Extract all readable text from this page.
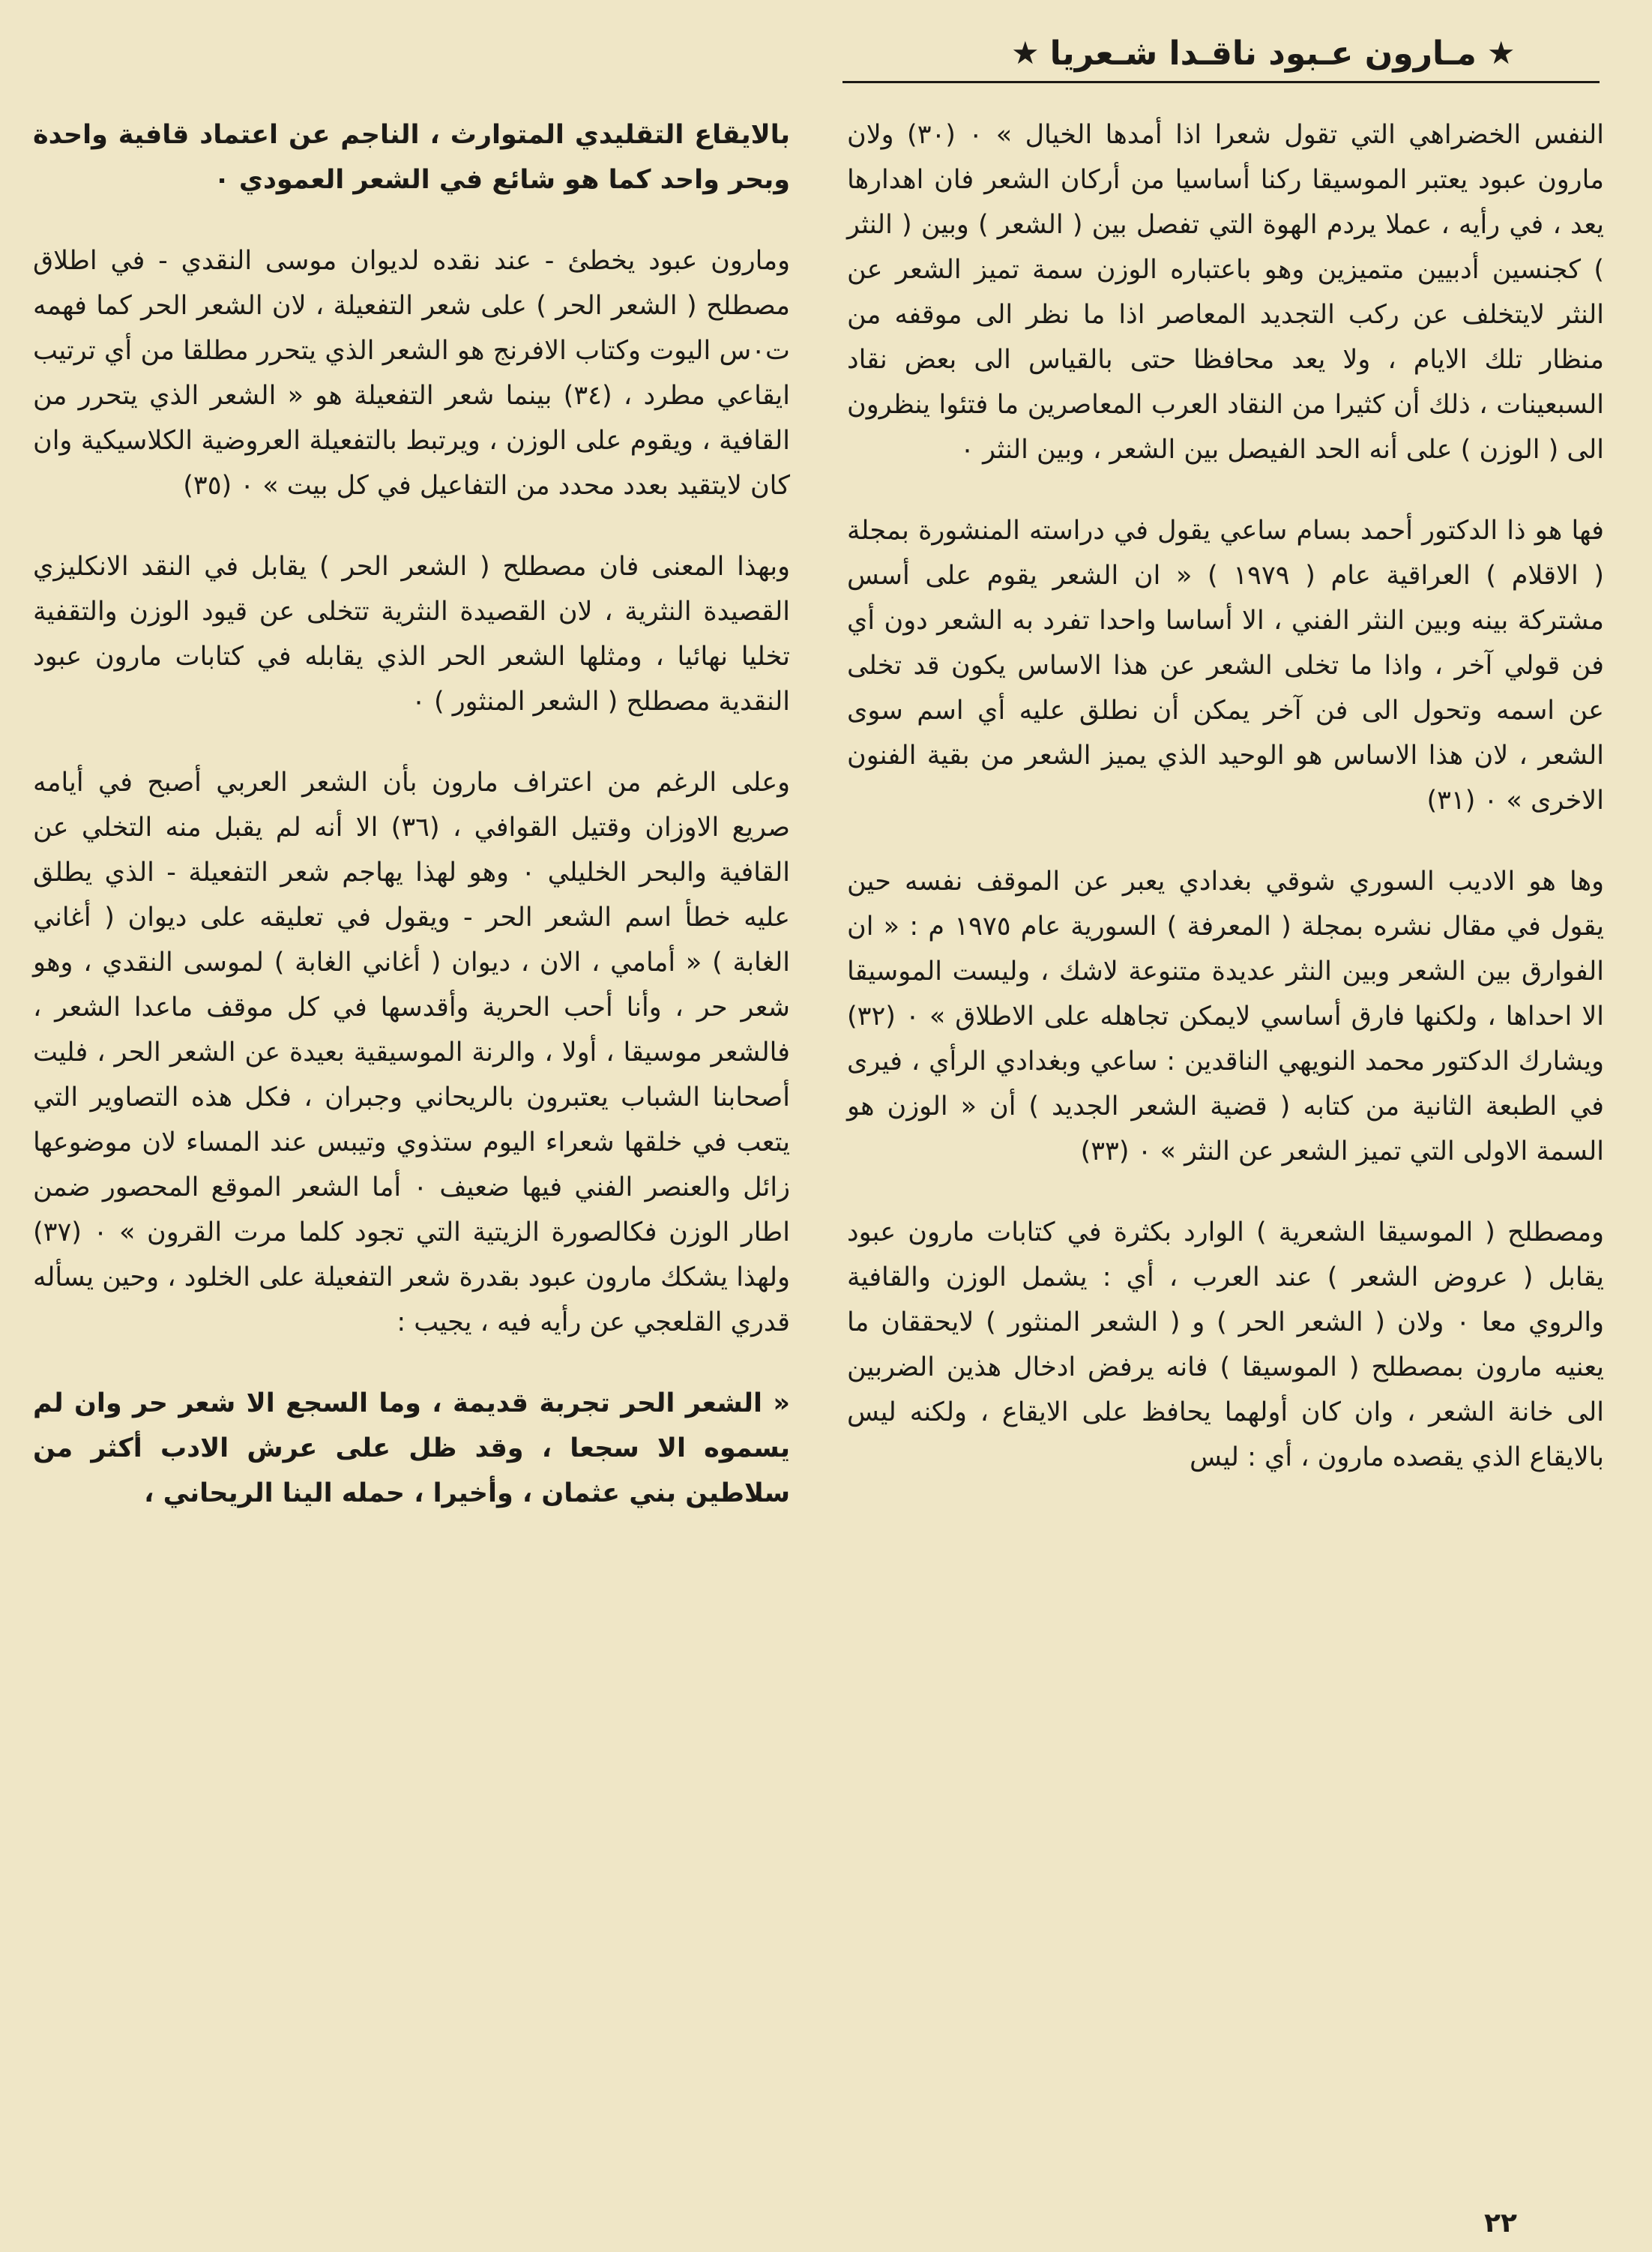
★ مـارون عـبود ناقـدا شـعريا ★

النفس الخضراهي التي تقول شعرا اذا أمدها الخيال » ٠ (٣٠) ولان مارون عبود يعتبر الموسيقا ركنا أساسيا من أركان الشعر فان اهدارها يعد ، في رأيه ، عملا يردم الهوة التي تفصل بين ( الشعر ) وبين ( النثر ) كجنسين أدبيين متميزين وهو باعتباره الوزن سمة تميز الشعر عن النثر لايتخلف عن ركب التجديد المعاصر اذا ما نظر الى موقفه من منظار تلك الايام ، ولا يعد محافظا حتى بالقياس الى بعض نقاد السبعينات ، ذلك أن كثيرا من النقاد العرب المعاصرين ما فتئوا ينظرون الى ( الوزن ) على أنه الحد الفيصل بين الشعر ، وبين النثر ٠

فها هو ذا الدكتور أحمد بسام ساعي يقول في دراسته المنشورة بمجلة ( الاقلام ) العراقية عام ( ١٩٧٩ ) « ان الشعر يقوم على أسس مشتركة بينه وبين النثر الفني ، الا أساسا واحدا تفرد به الشعر دون أي فن قولي آخر ، واذا ما تخلى الشعر عن هذا الاساس يكون قد تخلى عن اسمه وتحول الى فن آخر يمكن أن نطلق عليه أي اسم سوى الشعر ، لان هذا الاساس هو الوحيد الذي يميز الشعر من بقية الفنون الاخرى » ٠ (٣١)

وها هو الاديب السوري شوقي بغدادي يعبر عن الموقف نفسه حين يقول في مقال نشره بمجلة ( المعرفة ) السورية عام ١٩٧٥ م : « ان الفوارق بين الشعر وبين النثر عديدة متنوعة لاشك ، وليست الموسيقا الا احداها ، ولكنها فارق أساسي لايمكن تجاهله على الاطلاق » ٠ (٣٢) ويشارك الدكتور محمد النويهي الناقدين : ساعي وبغدادي الرأي ، فيرى في الطبعة الثانية من كتابه ( قضية الشعر الجديد ) أن « الوزن هو السمة الاولى التي تميز الشعر عن النثر » ٠ (٣٣)

ومصطلح ( الموسيقا الشعرية ) الوارد بكثرة في كتابات مارون عبود يقابل ( عروض الشعر ) عند العرب ، أي : يشمل الوزن والقافية والروي معا ٠ ولان ( الشعر الحر ) و ( الشعر المنثور ) لايحققان ما يعنيه مارون بمصطلح ( الموسيقا ) فانه يرفض ادخال هذين الضربين الى خانة الشعر ، وان كان أولهما يحافظ على الايقاع ، ولكنه ليس بالايقاع الذي يقصده مارون ، أي : ليس

بالايقاع التقليدي المتوارث ، الناجم عن اعتماد قافية واحدة وبحر واحد كما هو شائع في الشعر العمودي ٠

ومارون عبود يخطئ - عند نقده لديوان موسى النقدي - في اطلاق مصطلح ( الشعر الحر ) على شعر التفعيلة ، لان الشعر الحر كما فهمه ت٠س اليوت وكتاب الافرنج هو الشعر الذي يتحرر مطلقا من أي ترتيب ايقاعي مطرد ، (٣٤) بينما شعر التفعيلة هو « الشعر الذي يتحرر من القافية ، ويقوم على الوزن ، ويرتبط بالتفعيلة العروضية الكلاسيكية وان كان لايتقيد بعدد محدد من التفاعيل في كل بيت » ٠ (٣٥)

وبهذا المعنى فان مصطلح ( الشعر الحر ) يقابل في النقد الانكليزي القصيدة النثرية ، لان القصيدة النثرية تتخلى عن قيود الوزن والتقفية تخليا نهائيا ، ومثلها الشعر الحر الذي يقابله في كتابات مارون عبود النقدية مصطلح ( الشعر المنثور ) ٠

وعلى الرغم من اعتراف مارون بأن الشعر العربي أصبح في أيامه صريع الاوزان وقتيل القوافي ، (٣٦) الا أنه لم يقبل منه التخلي عن القافية والبحر الخليلي ٠ وهو لهذا يهاجم شعر التفعيلة - الذي يطلق عليه خطأ اسم الشعر الحر - ويقول في تعليقه على ديوان ( أغاني الغابة ) « أمامي ، الان ، ديوان ( أغاني الغابة ) لموسى النقدي ، وهو شعر حر ، وأنا أحب الحرية وأقدسها في كل موقف ماعدا الشعر ، فالشعر موسيقا ، أولا ، والرنة الموسيقية بعيدة عن الشعر الحر ، فليت أصحابنا الشباب يعتبرون بالريحاني وجبران ، فكل هذه التصاوير التي يتعب في خلقها شعراء اليوم ستذوي وتيبس عند المساء لان موضوعها زائل والعنصر الفني فيها ضعيف ٠ أما الشعر الموقع المحصور ضمن اطار الوزن فكالصورة الزيتية التي تجود كلما مرت القرون » ٠ (٣٧) ولهذا يشكك مارون عبود بقدرة شعر التفعيلة على الخلود ، وحين يسأله قدري القلعجي عن رأيه فيه ، يجيب :

« الشعر الحر تجربة قديمة ، وما السجع الا شعر حر وان لم يسموه الا سجعا ، وقد ظل على عرش الادب أكثر من سلاطين بني عثمان ، وأخيرا ، حمله الينا الريحاني ،

٢٢
